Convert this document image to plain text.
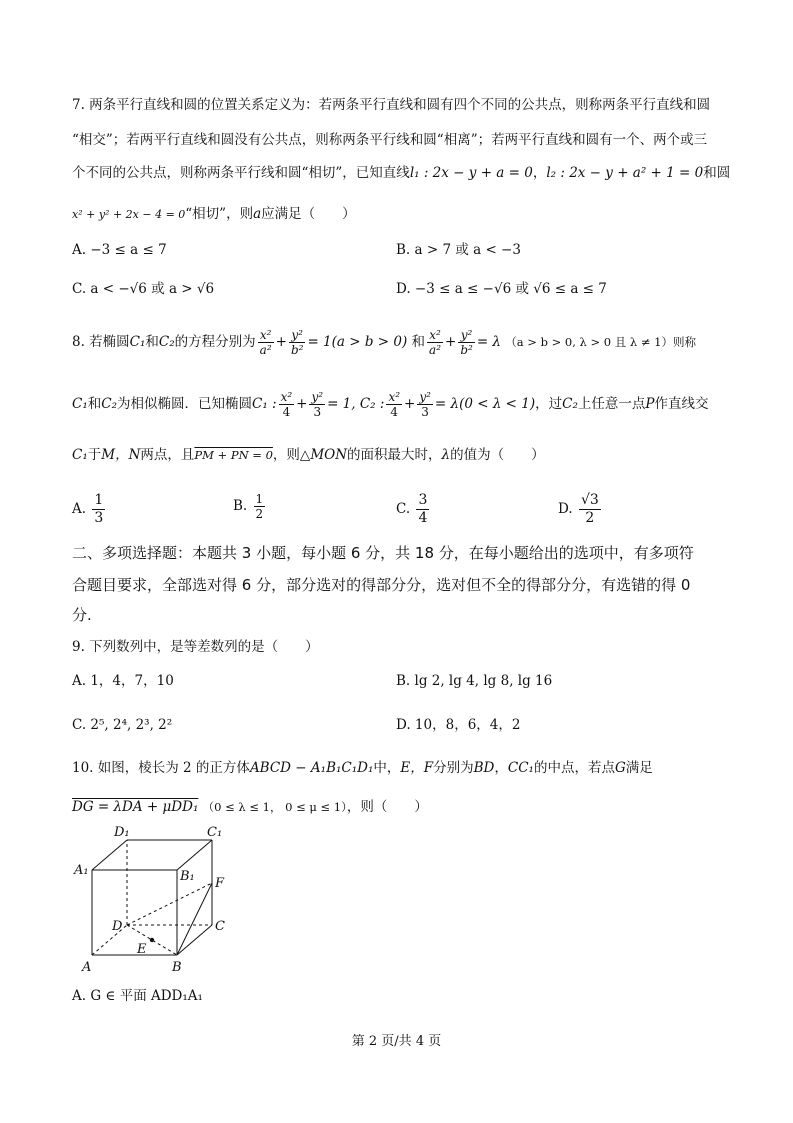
7. 两条平行直线和圆的位置关系定义为：若两条平行直线和圆有四个不同的公共点，则称两条平行直线和圆
“相交”；若两平行直线和圆没有公共点，则称两条平行线和圆“相离”；若两平行直线和圆有一个、两个或三
个不同的公共点，则称两条平行线和圆“相切”，已知直线l₁ : 2x − y + a = 0，l₂ : 2x − y + a² + 1 = 0和圆
x² + y² + 2x − 4 = 0“相切”，则a应满足（　　）
A. −3 ≤ a ≤ 7	B. a > 7 或 a < −3
C. a < −√6 或 a > √6	D. −3 ≤ a ≤ −√6 或 √6 ≤ a ≤ 7
8. 若椭圆C₁和C₂的方程分别为 $\frac{\text{x²}}{\text{a²}} + \frac{\text{y²}}{\text{b²}} = 1(a > b > 0)$ 和 $\frac{\text{x²}}{\text{a²}} + \frac{\text{y²}}{\text{b²}} = \lambda$ （a > b > 0, λ > 0 且 λ ≠ 1）则称
C₁和C₂为相似椭圆．已知椭圆C₁ : $\frac{\text{x²}}{4} + \frac{\text{y²}}{3} = 1$, C₂ : $\frac{\text{x²}}{4} + \frac{\text{y²}}{3} = \lambda(0 < \lambda < 1)$，过C₂上任意一点P作直线交
C₁于M，N两点，且PM + PN = 0，则△MON的面积最大时，λ的值为（　　）
A. $\frac{1}{3}$	B. $\frac{1}{2}$	C. $\frac{3}{4}$	D. $\frac{√3}{2}$
二、多项选择题：本题共 3 小题，每小题 6 分，共 18 分，在每小题给出的选项中，有多项符
合题目要求，全部选对得 6 分，部分选对的得部分分，选对但不全的得部分分，有选错的得 0
分.
9. 下列数列中，是等差数列的是（　　）
A. 1，4，7，10	B. lg 2, lg 4, lg 8, lg 16
C. 2⁵, 2⁴, 2³, 2²	D. 10，8，6，4，2
10. 如图，棱长为 2 的正方体ABCD − A₁B₁C₁D₁中，E，F分别为BD，CC₁的中点，若点G满足
DG = λDA + μDD₁ （0 ≤ λ ≤ 1， 0 ≤ μ ≤ 1），则（　　）
D₁	C₁
A₁	B₁ F
D	C
E
A	B
A. G ∈ 平面 ADD₁A₁
第 2 页/共 4 页
